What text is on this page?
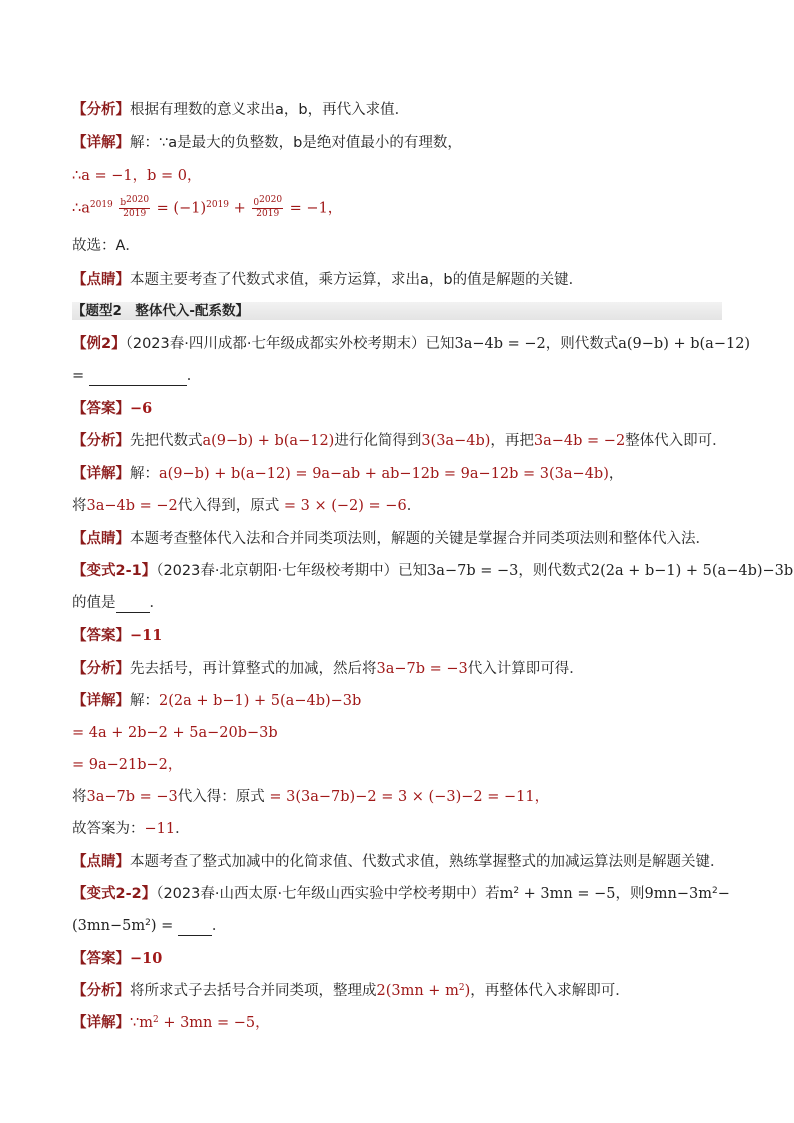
【分析】根据有理数的意义求出a，b，再代入求值．
【详解】解：∵a是最大的负整数，b是绝对值最小的有理数，
∴a = −1，b = 0，
$\therefore a^{2019} \frac{b^{2020}}{2019} = (-1)^{2019} + \frac{0^{2020}}{2019} = -1$，
故选：A．
【点睛】本题主要考查了代数式求值，乘方运算，求出a，b的值是解题的关键．
【题型2　整体代入-配系数】
【例2】（2023春·四川成都·七年级成都实外校考期末）已知3a−4b = −2，则代数式a(9−b) + b(a−12)
=	．
【答案】−6
【分析】先把代数式a(9−b) + b(a−12)进行化简得到3(3a−4b)，再把3a−4b = −2整体代入即可．
【详解】解：a(9−b) + b(a−12) = 9a−ab + ab−12b = 9a−12b = 3(3a−4b)，
将3a−4b = −2代入得到，原式 = 3 × (−2) = −6．
【点睛】本题考查整体代入法和合并同类项法则，解题的关键是掌握合并同类项法则和整体代入法．
【变式2-1】（2023春·北京朝阳·七年级校考期中）已知3a−7b = −3，则代数式2(2a + b−1) + 5(a−4b)−3b
的值是 ．
【答案】−11
【分析】先去括号，再计算整式的加减，然后将3a−7b = −3代入计算即可得．
【详解】解：2(2a + b−1) + 5(a−4b)−3b
= 4a + 2b−2 + 5a−20b−3b
= 9a−21b−2，
将3a−7b = −3代入得：原式 = 3(3a−7b)−2 = 3 × (−3)−2 = −11，
故答案为：−11．
【点睛】本题考查了整式加减中的化简求值、代数式求值，熟练掌握整式的加减运算法则是解题关键．
【变式2-2】（2023春·山西太原·七年级山西实验中学校考期中）若$m^2 + 3mn = -5$，则$9mn-3m^2-$
$(3mn-5m^2)$ = ．
【答案】−10
【分析】将所求式子去括号合并同类项，整理成$2(3mn + m^2)$，再整体代入求解即可．
【详解】$\because m^2 + 3mn = -5$，
